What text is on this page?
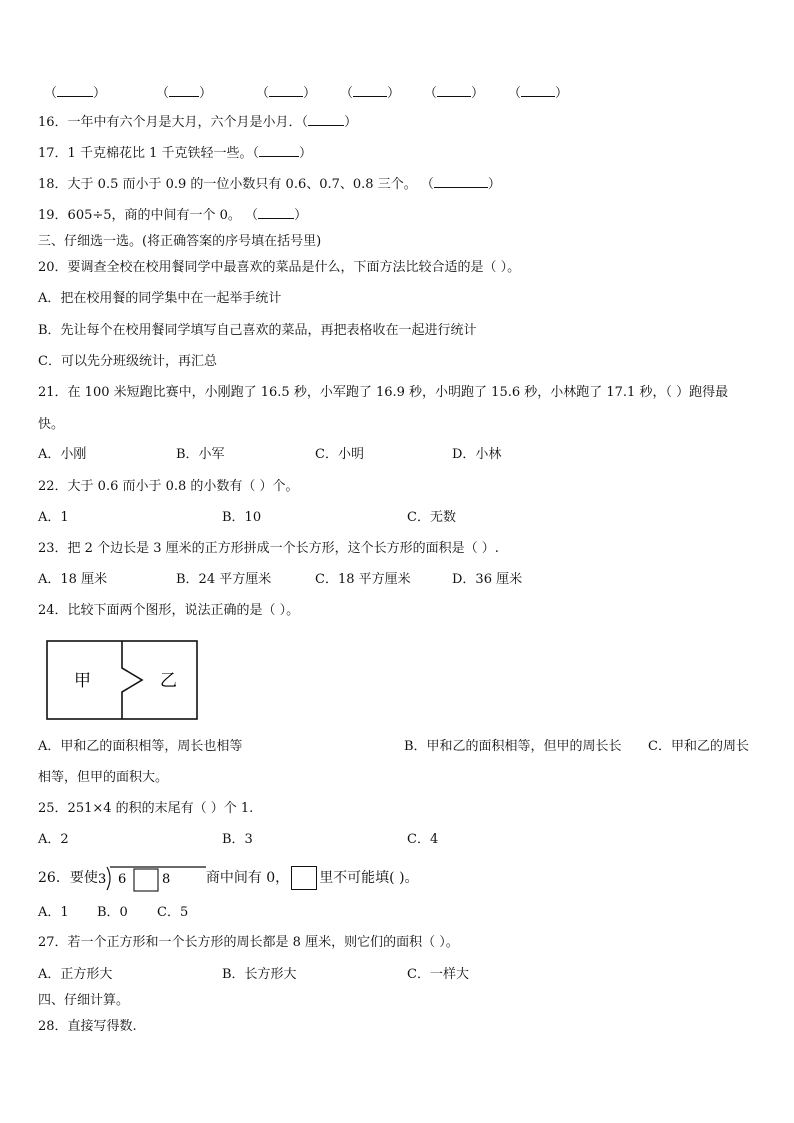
（	）	（ ）	（	） （	） （	） （	）
16．一年中有六个月是大月，六个月是小月．（	）
17．1 千克棉花比 1 千克铁轻一些。（	）
18．大于 0.5 而小于 0.9 的一位小数只有 0.6、0.7、0.8 三个。 （	）
19．605÷5，商的中间有一个 0。 （	）
三、仔细选一选。(将正确答案的序号填在括号里)
20．要调查全校在校用餐同学中最喜欢的菜品是什么，下面方法比较合适的是（ ）。
A．把在校用餐的同学集中在一起举手统计
B．先让每个在校用餐同学填写自己喜欢的菜品，再把表格收在一起进行统计
C．可以先分班级统计，再汇总
21．在 100 米短跑比赛中，小刚跑了 16.5 秒，小军跑了 16.9 秒，小明跑了 15.6 秒，小林跑了 17.1 秒，（ ）跑得最
快。
A．小刚	B．小军	C．小明	D．小林
22．大于 0.6 而小于 0.8 的小数有（ ）个。
A．1	B．10	C．无数
23．把 2 个边长是 3 厘米的正方形拼成一个长方形，这个长方形的面积是（ ）.
A．18 厘米	B．24 平方厘米	C．18 平方厘米	D．36 厘米
24．比较下面两个图形，说法正确的是（ ）。
甲	乙
A．甲和乙的面积相等，周长也相等	B．甲和乙的面积相等，但甲的周长长 C．甲和乙的周长
相等，但甲的面积大。
25．251×4 的积的末尾有（ ）个 1.
A．2	B．3	C．4
26．要使 3 6	8	商中间有 0， 里不可能填( )。
A．1 B．0 C．5
27．若一个正方形和一个长方形的周长都是 8 厘米，则它们的面积（ ）。
A．正方形大	B．长方形大	C．一样大
四、仔细计算。
28．直接写得数.
